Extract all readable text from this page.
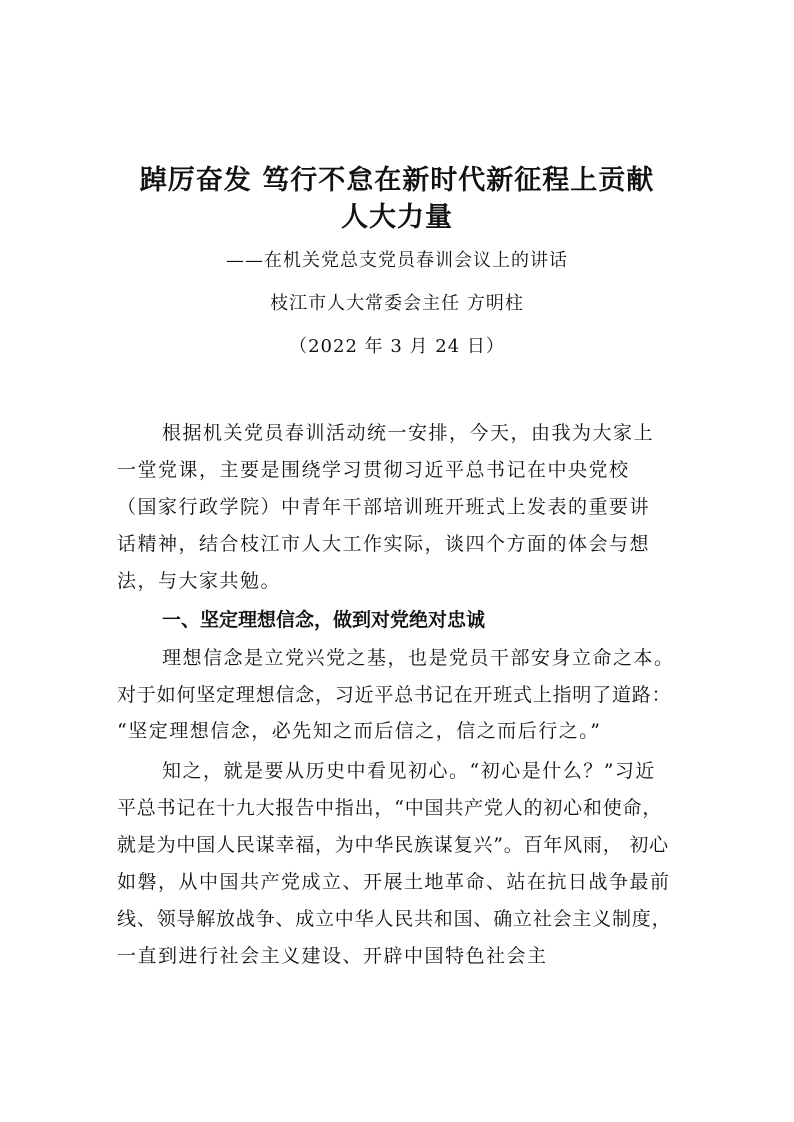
踔厉奋发 笃行不怠在新时代新征程上贡献
人大力量
——在机关党总支党员春训会议上的讲话
枝江市人大常委会主任 方明柱
（2022 年 3 月 24 日）
根据机关党员春训活动统一安排，今天，由我为大家上
一堂党课，主要是围绕学习贯彻习近平总书记在中央党校
（国家行政学院）中青年干部培训班开班式上发表的重要讲
话精神，结合枝江市人大工作实际，谈四个方面的体会与想
法，与大家共勉。
一、坚定理想信念，做到对党绝对忠诚
理想信念是立党兴党之基，也是党员干部安身立命之本。
对于如何坚定理想信念，习近平总书记在开班式上指明了道路：
“坚定理想信念，必先知之而后信之，信之而后行之。”
知之，就是要从历史中看见初心。“初心是什么？”习近
平总书记在十九大报告中指出，“中国共产党人的初心和使命，
就是为中国人民谋幸福，为中华民族谋复兴”。百年风雨， 初心
如磐，从中国共产党成立、开展土地革命、站在抗日战争最前
线、领导解放战争、成立中华人民共和国、确立社会主义制度，
一直到进行社会主义建设、开辟中国特色社会主
